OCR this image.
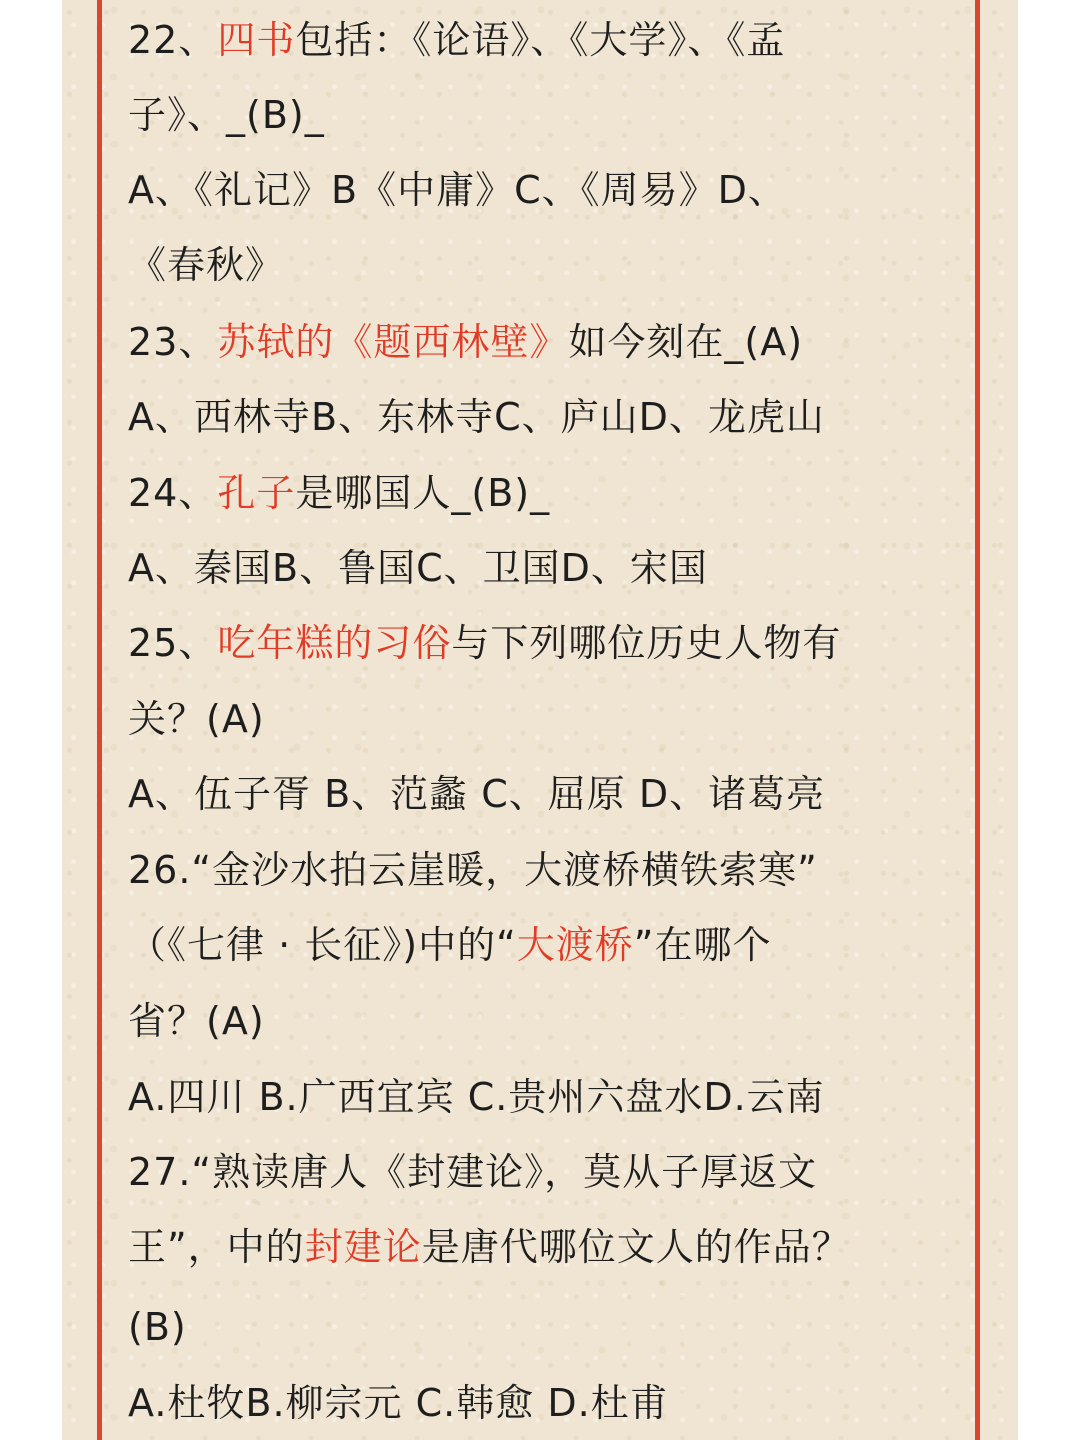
22、四书包括：《论语》、《大学》、《孟
子》、_(B)_
A、《礼记》B《中庸》C、《周易》D、
《春秋》
23、苏轼的《题西林壁》如今刻在_(A)
A、西林寺B、东林寺C、庐山D、龙虎山
24、孔子是哪国人_(B)_
A、秦国B、鲁国C、卫国D、宋国
25、吃年糕的习俗与下列哪位历史人物有
关？(A)
A、伍子胥 B、范蠡 C、屈原 D、诸葛亮
26.“金沙水拍云崖暖，大渡桥横铁索寒”
（《七律 · 长征》)中的“大渡桥”在哪个
省？(A)
A.四川 B.广西宜宾 C.贵州六盘水D.云南
27.“熟读唐人《封建论》，莫从子厚返文
王”，中的封建论是唐代哪位文人的作品？
(B)
A.杜牧B.柳宗元 C.韩愈 D.杜甫
